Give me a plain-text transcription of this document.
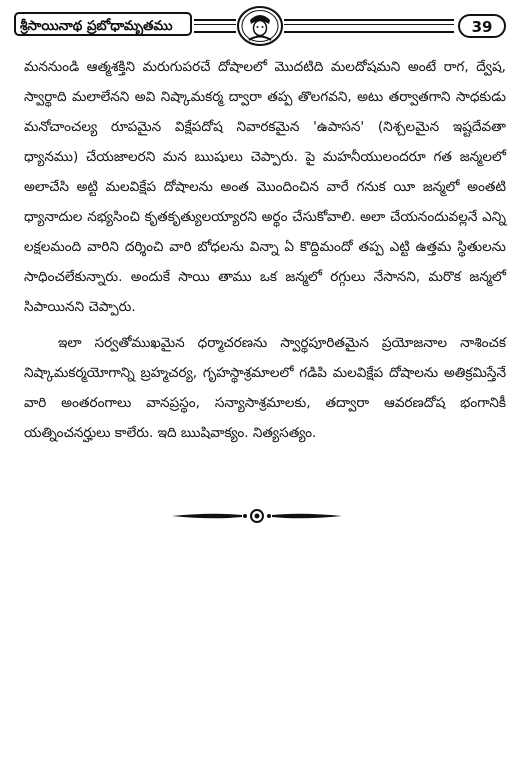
శ్రీసాయినాథ ప్రబోధామృతము	39

మననుండి ఆత్మశక్తిని మరుగుపరచే దోషాలలో మొదటిది మలదోషమని అంటే రాగ, ద్వేష, స్వార్థాది మలాలేనని అవి నిష్కామకర్మ ద్వారా తప్ప తొలగవని, అటు తర్వాతగాని సాధకుడు మనోచాంచల్య రూపమైన విక్షేపదోష నివారకమైన 'ఉపాసన' (నిశ్చలమైన ఇష్టదేవతా ధ్యానము) చేయజాలరని మన ఋషులు చెప్పారు. పై మహనీయులందరూ గత జన్మలలో అలాచేసి అట్టి మలవిక్షేప దోషాలను అంత మొందించిన వారే గనుక యీ జన్మలో అంతటి ధ్యానాదుల నభ్యసించి కృతకృత్యులయ్యారని అర్థం చేసుకోవాలి. అలా చేయనందువల్లనే ఎన్ని లక్షలమంది వారిని దర్శించి వారి బోధలను విన్నా ఏ కొద్దిమందో తప్ప ఎట్టి ఉత్తమ స్థితులను సాధించలేకున్నారు. అందుకే సాయి తాము ఒక జన్మలో రగ్గులు నేసానని, మరొక జన్మలో సిపాయినని చెప్పారు.

ఇలా సర్వతోముఖమైన ధర్మాచరణను స్వార్థపూరితమైన ప్రయోజనాల నాశించక నిష్కామకర్మయోగాన్ని బ్రహ్మచర్య, గృహస్థాశ్రమాలలో గడిపి మలవిక్షేప దోషాలను అతిక్రమిస్తేనే వారి అంతరంగాలు వానప్రస్థం, సన్యాసాశ్రమాలకు, తద్వారా ఆవరణదోష భంగానికీ యత్నించనర్హులు కాలేరు. ఇది ఋషివాక్యం. నిత్యసత్యం.
